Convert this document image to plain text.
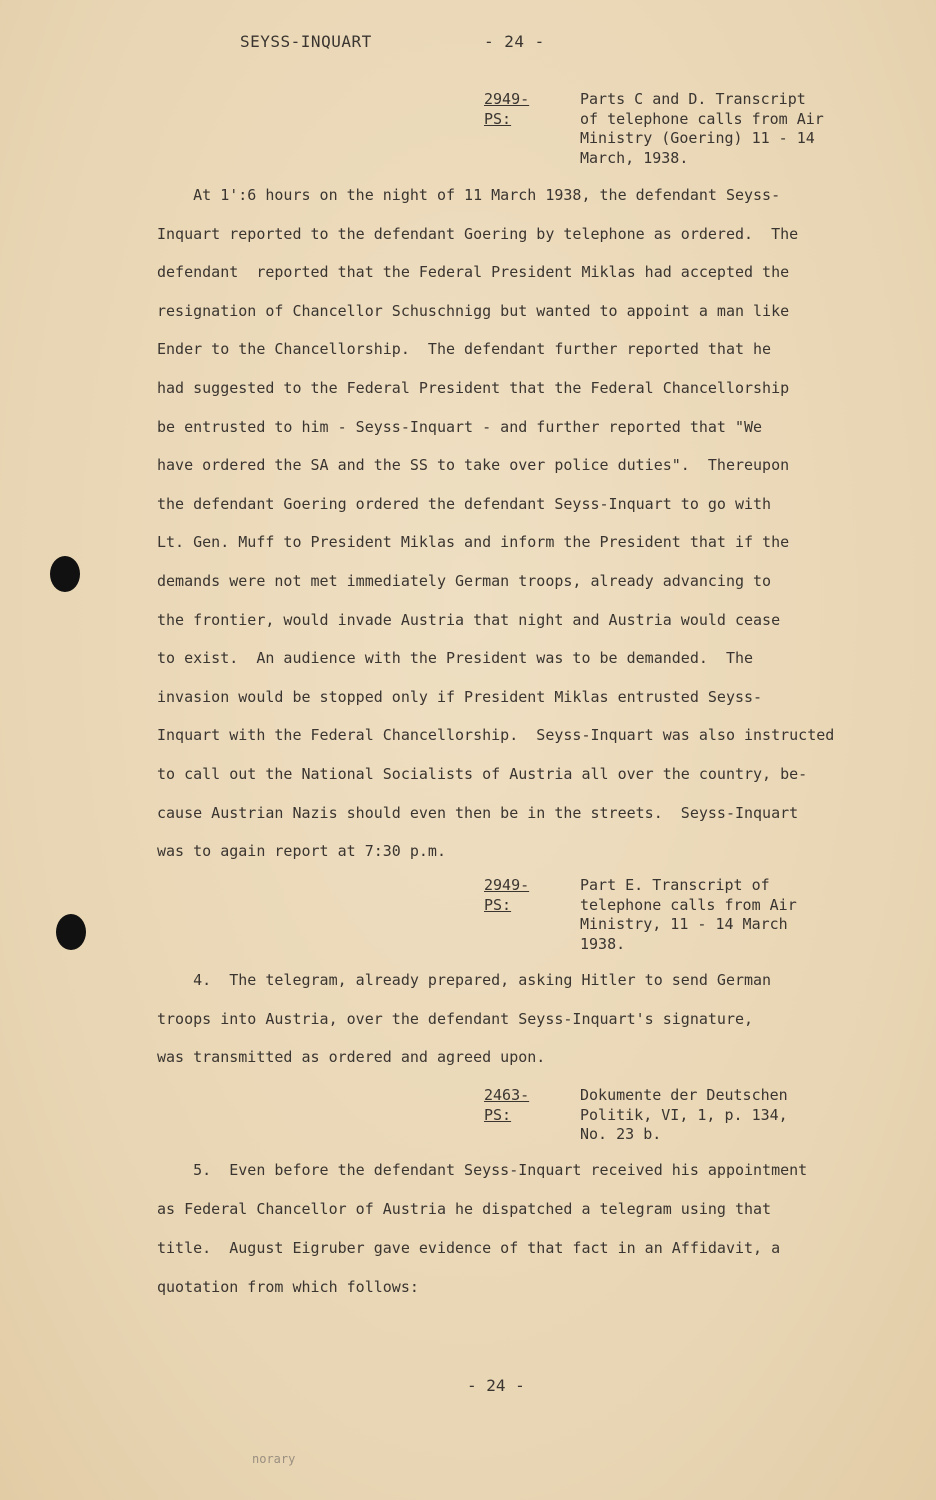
SEYSS-INQUART	- 24 -
2949-PS:
Parts C and D. Transcript
of telephone calls from Air
Ministry (Goering) 11 - 14
March, 1938.
At 1':6 hours on the night of 11 March 1938, the defendant Seyss-
Inquart reported to the defendant Goering by telephone as ordered.  The
defendant  reported that the Federal President Miklas had accepted the
resignation of Chancellor Schuschnigg but wanted to appoint a man like
Ender to the Chancellorship.  The defendant further reported that he
had suggested to the Federal President that the Federal Chancellorship
be entrusted to him - Seyss-Inquart - and further reported that "We
have ordered the SA and the SS to take over police duties".  Thereupon
the defendant Goering ordered the defendant Seyss-Inquart to go with
Lt. Gen. Muff to President Miklas and inform the President that if the
demands were not met immediately German troops, already advancing to
the frontier, would invade Austria that night and Austria would cease
to exist.  An audience with the President was to be demanded.  The
invasion would be stopped only if President Miklas entrusted Seyss-
Inquart with the Federal Chancellorship.  Seyss-Inquart was also instructed
to call out the National Socialists of Austria all over the country, be-
cause Austrian Nazis should even then be in the streets.  Seyss-Inquart
was to again report at 7:30 p.m.
2949-PS:
Part E. Transcript of
telephone calls from Air
Ministry, 11 - 14 March
1938.
4.  The telegram, already prepared, asking Hitler to send German
troops into Austria, over the defendant Seyss-Inquart's signature,
was transmitted as ordered and agreed upon.
2463-PS:
Dokumente der Deutschen
Politik, VI, 1, p. 134,
No. 23 b.
5.  Even before the defendant Seyss-Inquart received his appointment
as Federal Chancellor of Austria he dispatched a telegram using that
title.  August Eigruber gave evidence of that fact in an Affidavit, a
quotation from which follows:
- 24 -
norary
